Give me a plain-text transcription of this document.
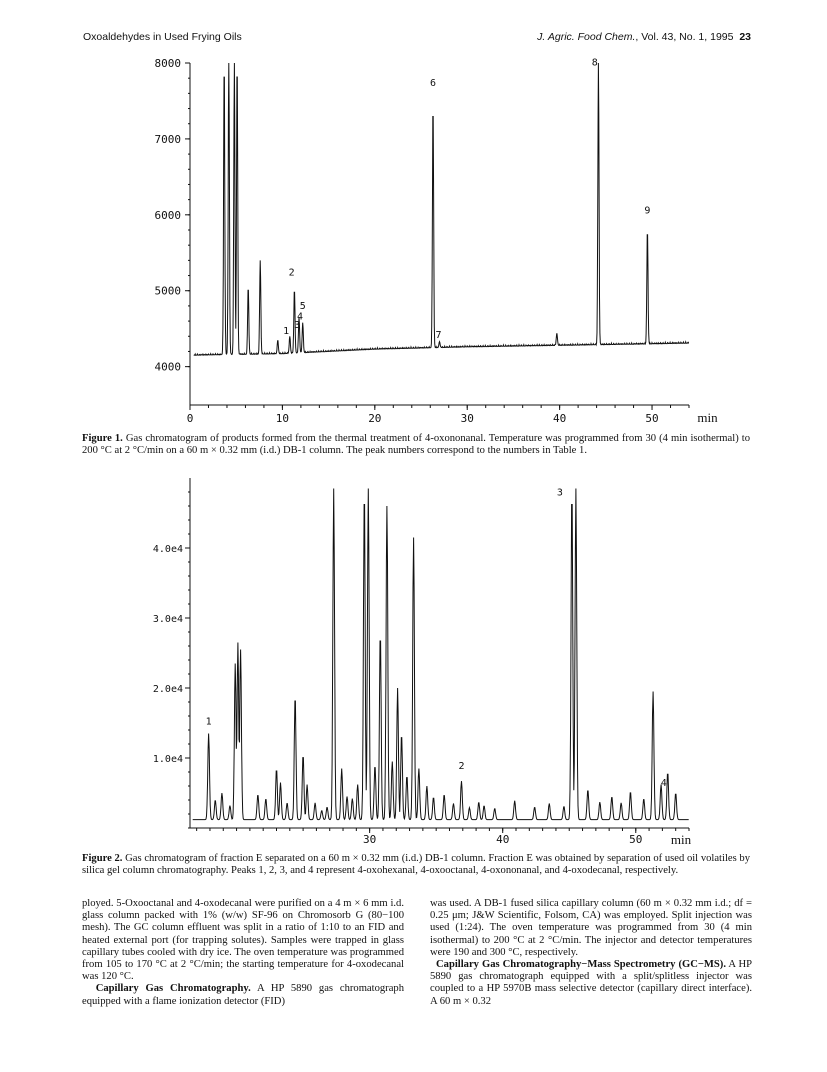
Oxoaldehydes in Used Frying Oils	J. Agric. Food Chem., Vol. 43, No. 1, 1995 23
4000
5000
6000
7000
8000
0	10	20	30	40	50	min
1
2
3
4
5
6
7
8
9
Figure 1. Gas chromatogram of products formed from the thermal treatment of 4-oxononanal. Temperature was programmed from 30 (4 min isothermal) to 200 °C at 2 °C/min on a 60 m × 0.32 mm (i.d.) DB-1 column. The peak numbers correspond to the numbers in Table 1.
1.0e4
2.0e4
3.0e4
4.0e4
30	40	50 min
1
2
3
4
Figure 2. Gas chromatogram of fraction E separated on a 60 m × 0.32 mm (i.d.) DB-1 column. Fraction E was obtained by separation of used oil volatiles by silica gel column chromatography. Peaks 1, 2, 3, and 4 represent 4-oxohexanal, 4-oxooctanal, 4-oxononanal, and 4-oxodecanal, respectively.
ployed. 5-Oxooctanal and 4-oxodecanal were purified on a 4 m × 6 mm i.d. glass column packed with 1% (w/w) SF-96 on Chromosorb G (80−100 mesh). The GC column effluent was split in a ratio of 1:10 to an FID and heated external port (for trapping solutes). Samples were trapped in glass capillary tubes cooled with dry ice. The oven temperature was programmed from 105 to 170 °C at 2 °C/min; the starting temperature for 4-oxodecanal was 120 °C.
Capillary Gas Chromatography. A HP 5890 gas chromatograph equipped with a flame ionization detector (FID)
was used. A DB-1 fused silica capillary column (60 m × 0.32 mm i.d.; df = 0.25 μm; J&W Scientific, Folsom, CA) was employed. Split injection was used (1:24). The oven temperature was programmed from 30 (4 min isothermal) to 200 °C at 2 °C/min. The injector and detector temperatures were 190 and 300 °C, respectively.
Capillary Gas Chromatography−Mass Spectrometry (GC−MS). A HP 5890 gas chromatograph equipped with a split/splitless injector was coupled to a HP 5970B mass selective detector (capillary direct interface). A 60 m × 0.32
